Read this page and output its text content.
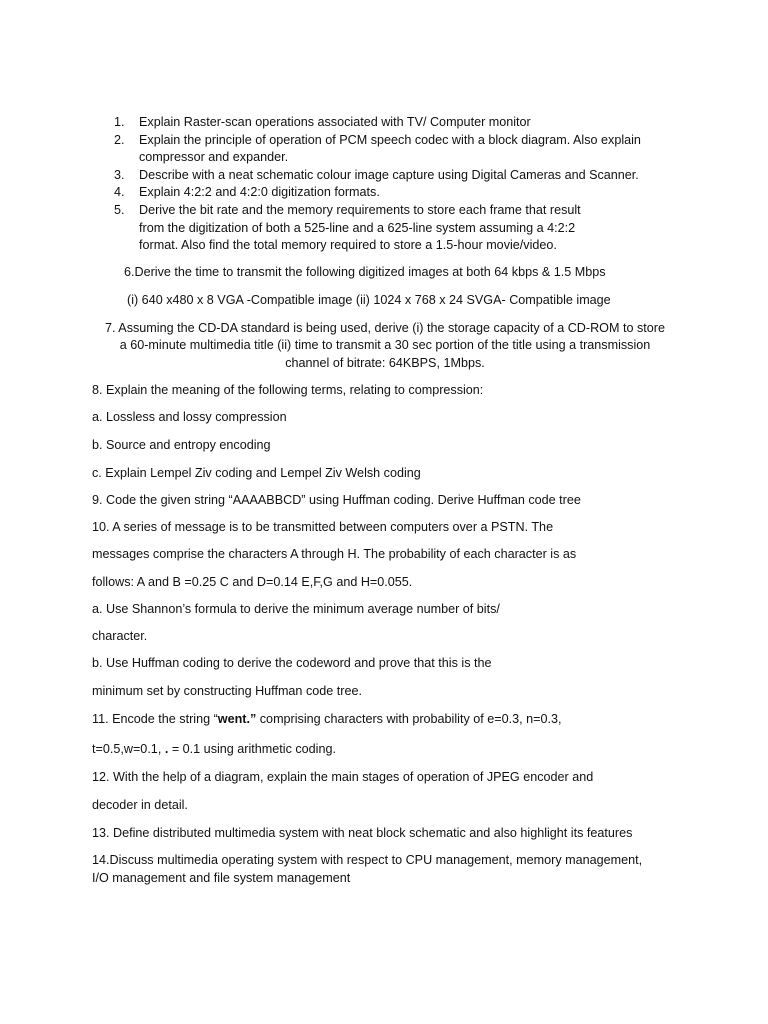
1. Explain Raster-scan operations associated with TV/ Computer monitor
2. Explain the principle of operation of PCM speech codec with a block diagram. Also explain compressor and expander.
3. Describe with a neat schematic colour image capture using Digital Cameras and Scanner.
4. Explain 4:2:2 and 4:2:0 digitization formats.
5. Derive the bit rate and the memory requirements to store each frame that result from the digitization of both a 525-line and a 625-line system assuming a 4:2:2 format. Also find the total memory required to store a 1.5-hour movie/video.
6.Derive the time to transmit the following digitized images at both 64 kbps & 1.5 Mbps
(i) 640 x480 x 8 VGA -Compatible image (ii) 1024 x 768 x 24 SVGA- Compatible image
7. Assuming the CD-DA standard is being used, derive (i) the storage capacity of a CD-ROM to store
a 60-minute multimedia title (ii) time to transmit a 30 sec portion of the title using a transmission
channel of bitrate: 64KBPS, 1Mbps.
8. Explain the meaning of the following terms, relating to compression:
a. Lossless and lossy compression
b. Source and entropy encoding
c. Explain Lempel Ziv coding and Lempel Ziv Welsh coding
9. Code the given string “AAAABBCD” using Huffman coding. Derive Huffman code tree
10. A series of message is to be transmitted between computers over a PSTN. The
messages comprise the characters A through H. The probability of each character is as
follows: A and B =0.25 C and D=0.14 E,F,G and H=0.055.
a. Use Shannon’s formula to derive the minimum average number of bits/
character.
b. Use Huffman coding to derive the codeword and prove that this is the
minimum set by constructing Huffman code tree.
11. Encode the string “went.” comprising characters with probability of e=0.3, n=0.3,
t=0.5,w=0.1, . = 0.1 using arithmetic coding.
12. With the help of a diagram, explain the main stages of operation of JPEG encoder and
decoder in detail.
13. Define distributed multimedia system with neat block schematic and also highlight its features
14.Discuss multimedia operating system with respect to CPU management, memory management,
I/O management and file system management
